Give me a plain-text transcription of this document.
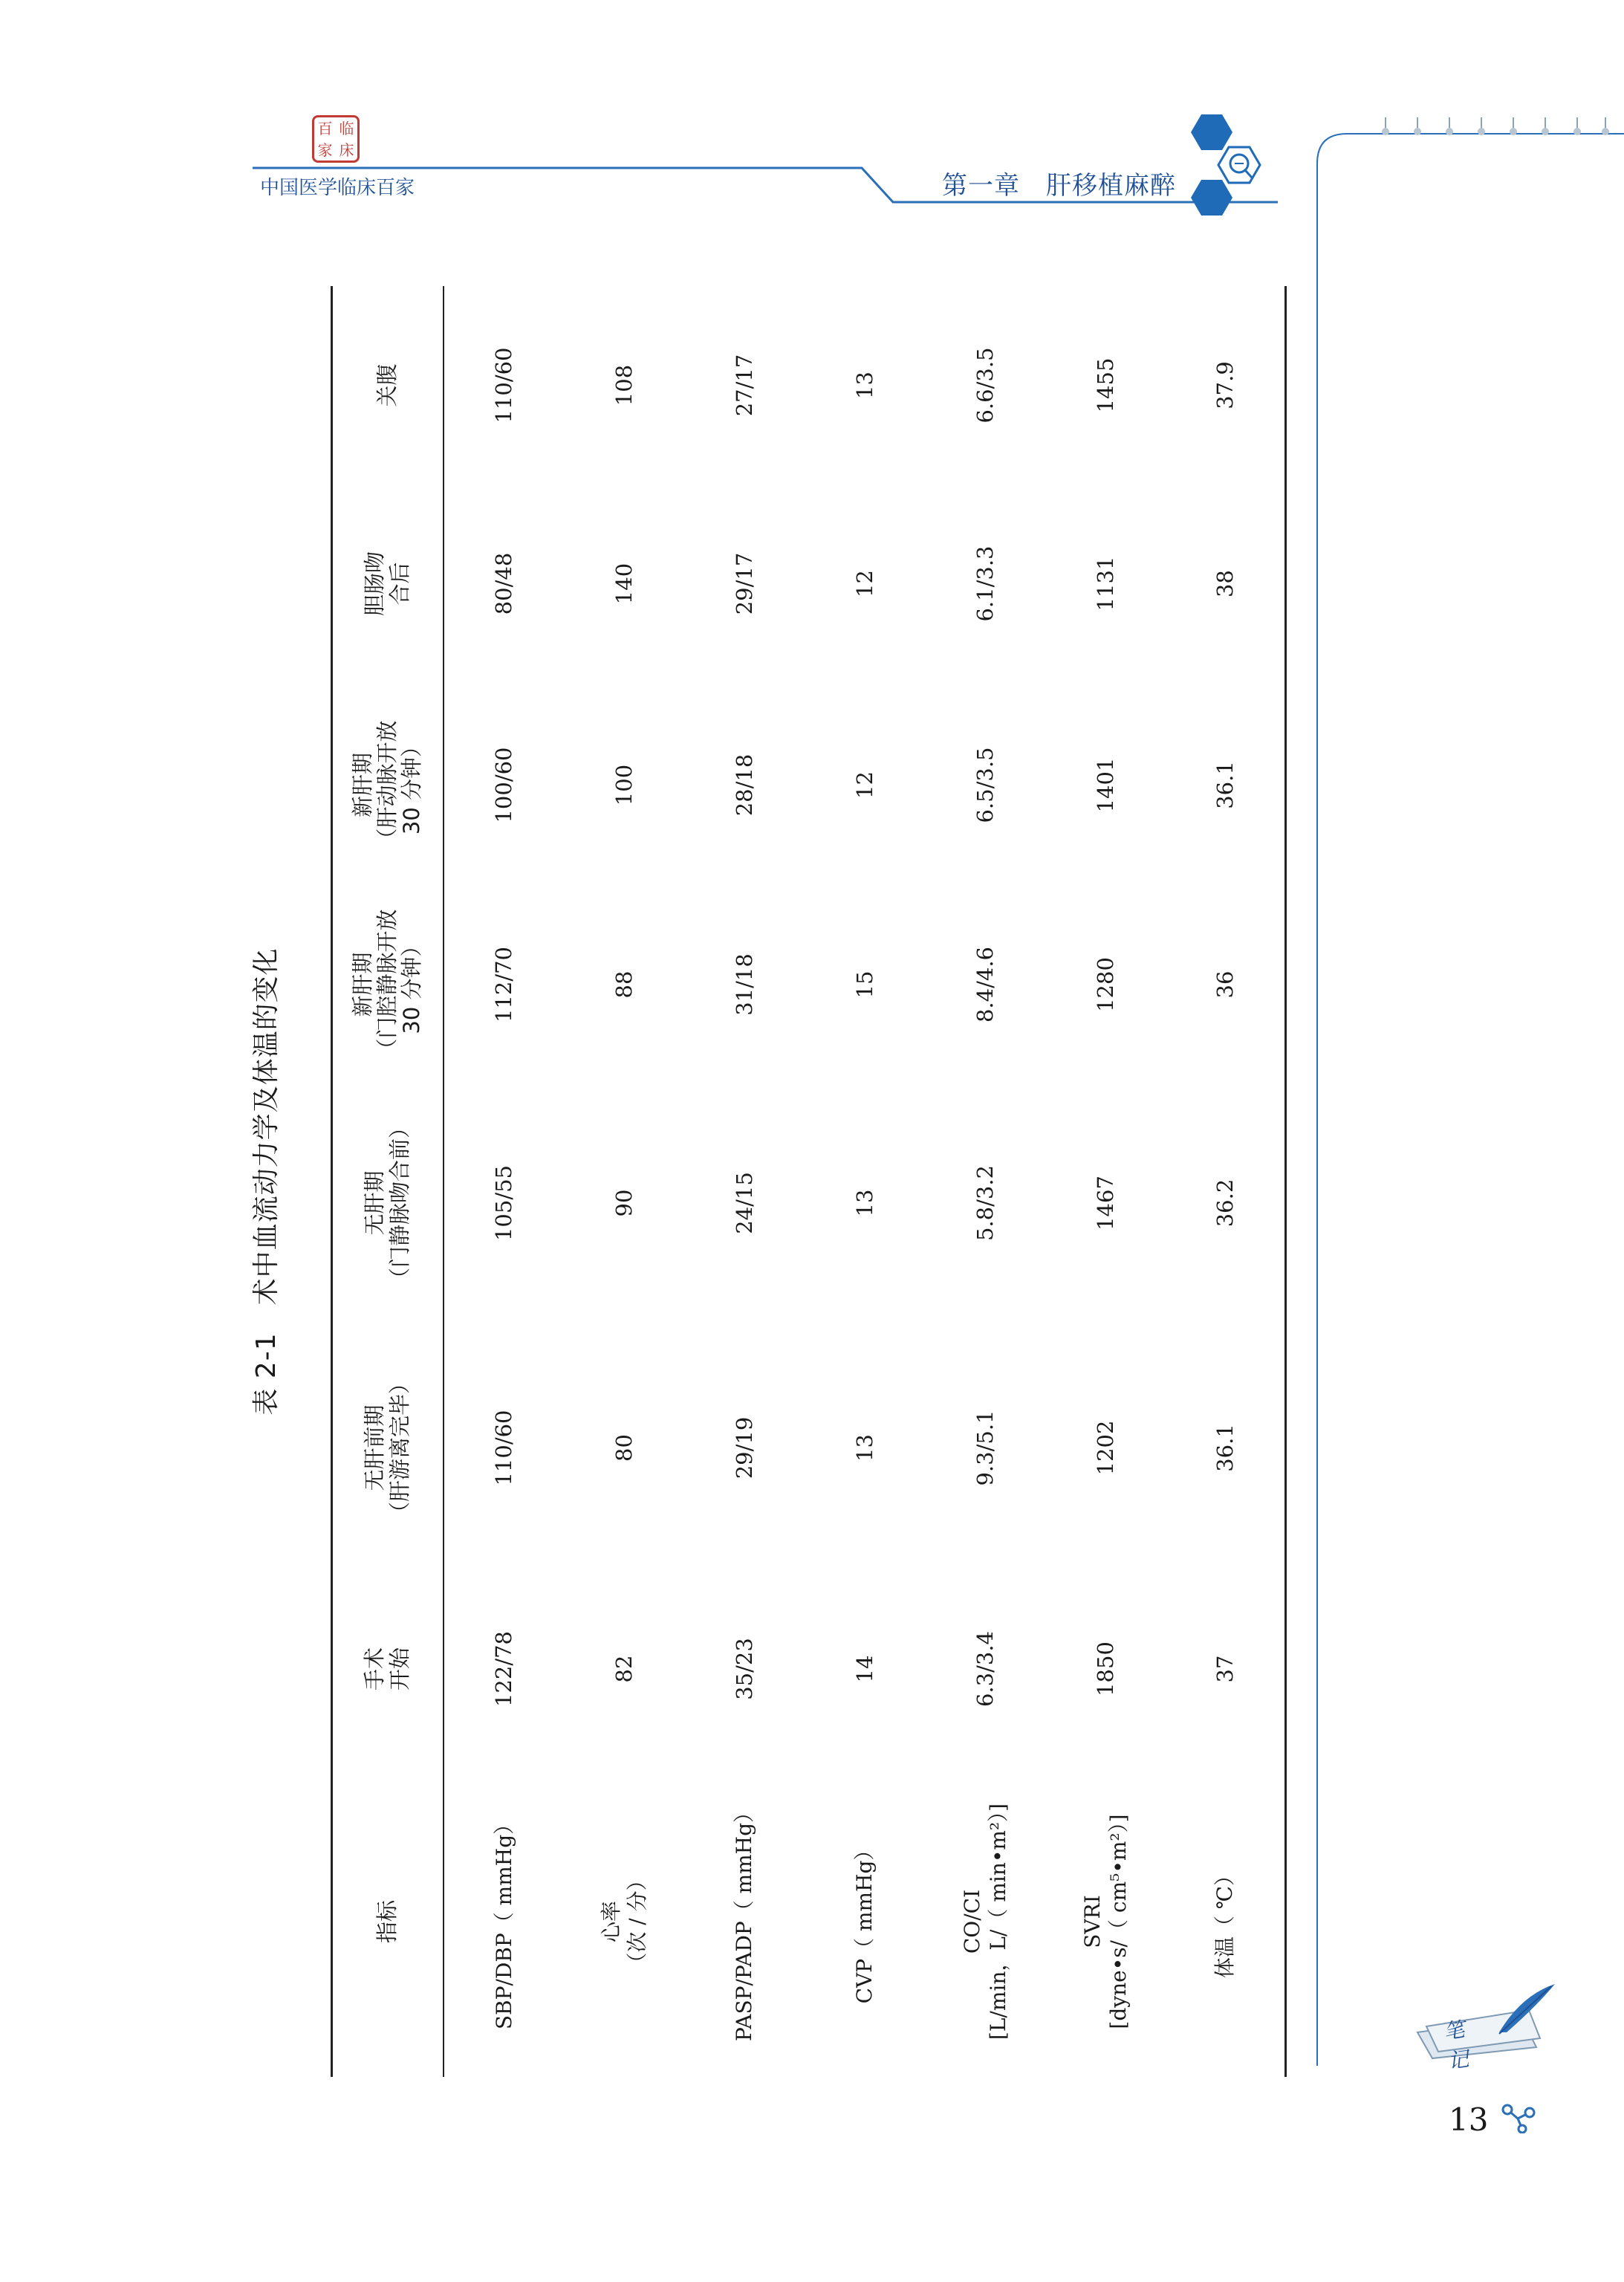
百 临
家 床
中国医学临床百家	第一章　肝移植麻醉
笔记
13
表 2-1　术中血流动力学及体温的变化
指标	手术 开始	无肝前期 （肝游离完毕）	无肝期 （门静脉吻合前）	新肝期 （门腔静脉开放 30 分钟）	新肝期 （肝动脉开放 30 分钟）	胆肠吻 合后	关腹

SBP/DBP（ mmHg）	122/78	110/60	105/55	112/70	100/60	80/48	110/60

心率 （次 / 分）	82	80	90	88	100	140	108

PASP/PADP（ mmHg）	35/23	29/19	24/15	31/18	28/18	29/17	27/17

CVP（ mmHg）	14	13	13	15	12	12	13

CO/CI [L/min，L/（ min•m²）]	6.3/3.4	9.3/5.1	5.8/3.2	8.4/4.6	6.5/3.5	6.1/3.3	6.6/3.5

SVRI [dyne•s/（ cm⁵•m²）]	1850	1202	1467	1280	1401	1131	1455

体温（ ℃）	37	36.1	36.2	36	36.1	38	37.9
